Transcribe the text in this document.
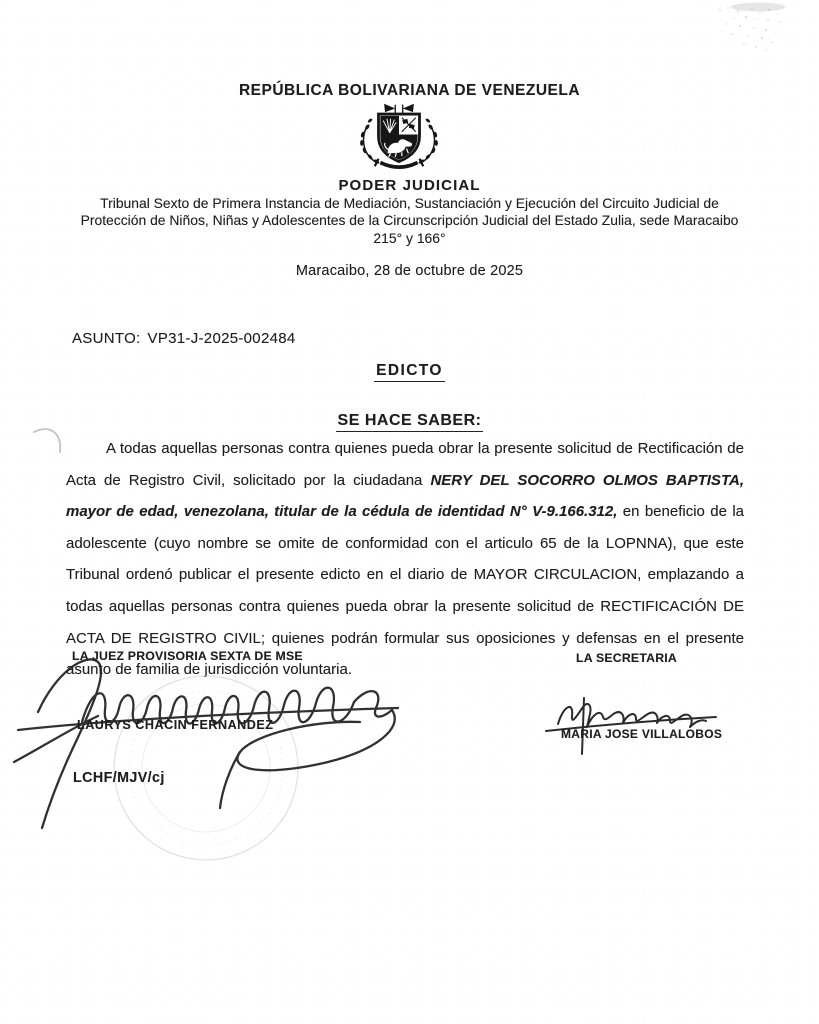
REPÚBLICA BOLIVARIANA DE VENEZUELA
PODER JUDICIAL
Tribunal Sexto de Primera Instancia de Mediación, Sustanciación y Ejecución del Circuito Judicial de Protección de Niños, Niñas y Adolescentes de la Circunscripción Judicial del Estado Zulia, sede Maracaibo
215° y 166°
Maracaibo, 28 de octubre de 2025
ASUNTO: VP31-J-2025-002484
EDICTO
SE HACE SABER:

A todas aquellas personas contra quienes pueda obrar la presente solicitud de Rectificación de Acta de Registro Civil, solicitado por la ciudadana NERY DEL SOCORRO OLMOS BAPTISTA, mayor de edad, venezolana, titular de la cédula de identidad N° V-9.166.312, en beneficio de la adolescente (cuyo nombre se omite de conformidad con el articulo 65 de la LOPNNA), que este Tribunal ordenó publicar el presente edicto en el diario de MAYOR CIRCULACION, emplazando a todas aquellas personas contra quienes pueda obrar la presente solicitud de RECTIFICACIÓN DE ACTA DE REGISTRO CIVIL; quienes podrán formular sus oposiciones y defensas en el presente asunto de familia de jurisdicción voluntaria.

LA JUEZ PROVISORIA SEXTA DE MSE	LA SECRETARIA
LAURYS CHACIN FERNANDEZ
LCHF/MJV/cj
MARIA JOSE VILLALOBOS
